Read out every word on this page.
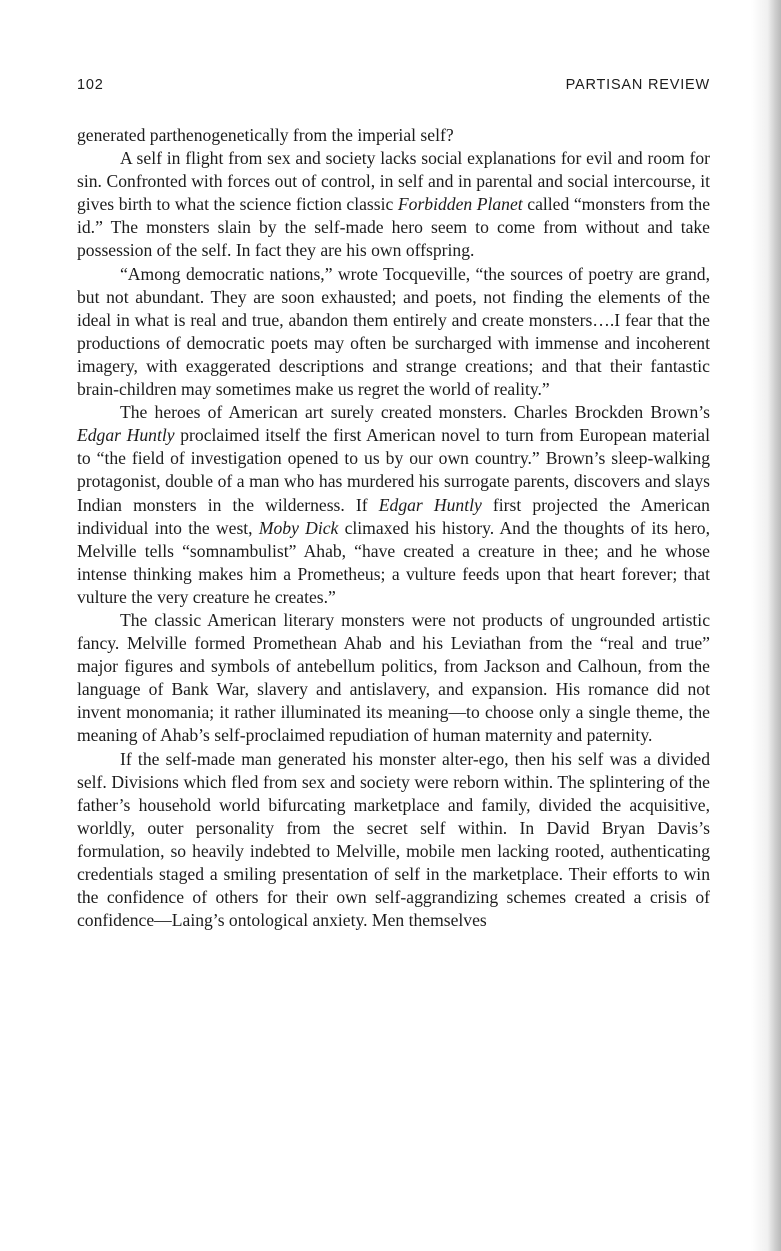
102	PARTISAN REVIEW

generated parthenogenetically from the imperial self?

A self in flight from sex and society lacks social explanations for evil and room for sin. Confronted with forces out of control, in self and in parental and social intercourse, it gives birth to what the science fiction classic Forbidden Planet called “monsters from the id.” The monsters slain by the self-made hero seem to come from without and take possession of the self. In fact they are his own offspring.

“Among democratic nations,” wrote Tocqueville, “the sources of poetry are grand, but not abundant. They are soon exhausted; and poets, not finding the elements of the ideal in what is real and true, abandon them entirely and create monsters….I fear that the productions of democratic poets may often be surcharged with immense and incoherent imagery, with exaggerated descriptions and strange creations; and that their fantastic brain-children may sometimes make us regret the world of reality.”

The heroes of American art surely created monsters. Charles Brockden Brown’s Edgar Huntly proclaimed itself the first American novel to turn from European material to “the field of investigation opened to us by our own country.” Brown’s sleep-walking protagonist, double of a man who has murdered his surrogate parents, discovers and slays Indian monsters in the wilderness. If Edgar Huntly first projected the American individual into the west, Moby Dick climaxed his history. And the thoughts of its hero, Melville tells “somnambulist” Ahab, “have created a creature in thee; and he whose intense thinking makes him a Prometheus; a vulture feeds upon that heart forever; that vulture the very creature he creates.”

The classic American literary monsters were not products of ungrounded artistic fancy. Melville formed Promethean Ahab and his Leviathan from the “real and true” major figures and symbols of antebellum politics, from Jackson and Calhoun, from the language of Bank War, slavery and antislavery, and expansion. His romance did not invent monomania; it rather illuminated its meaning—to choose only a single theme, the meaning of Ahab’s self-proclaimed repudiation of human maternity and paternity.

If the self-made man generated his monster alter-ego, then his self was a divided self. Divisions which fled from sex and society were reborn within. The splintering of the father’s household world bifurcating marketplace and family, divided the acquisitive, worldly, outer personality from the secret self within. In David Bryan Davis’s formulation, so heavily indebted to Melville, mobile men lacking rooted, authenticating credentials staged a smiling presentation of self in the marketplace. Their efforts to win the confidence of others for their own self-aggrandizing schemes created a crisis of confidence—Laing’s ontological anxiety. Men themselves
